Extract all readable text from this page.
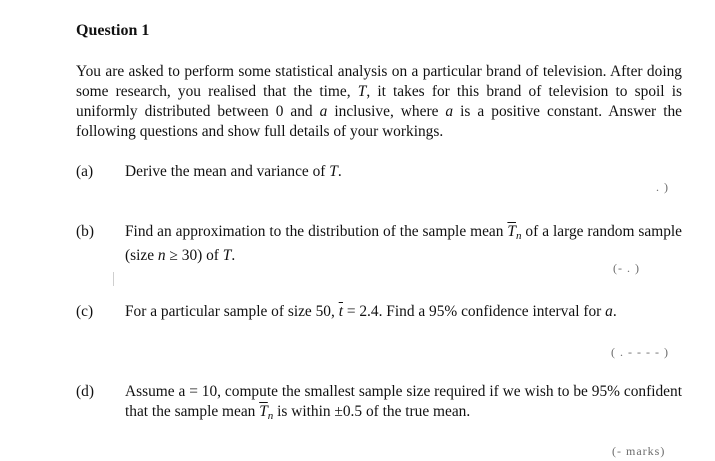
Question 1
You are asked to perform some statistical analysis on a particular brand of television. After doing some research, you realised that the time, T, it takes for this brand of television to spoil is uniformly distributed between 0 and a inclusive, where a is a positive constant. Answer the following questions and show full details of your workings.
(a) Derive the mean and variance of T.
. )
(b) Find an approximation to the distribution of the sample mean $\overline{T}_n$ of a large random sample (size n ≥ 30) of T.
(- . )
(c) For a particular sample of size 50, $\overline{t} = 2.4$. Find a 95% confidence interval for a.
( . - - - - )
(d) Assume a = 10, compute the smallest sample size required if we wish to be 95% confident that the sample mean $\overline{T}_n$ is within ±0.5 of the true mean.
(- marks)
